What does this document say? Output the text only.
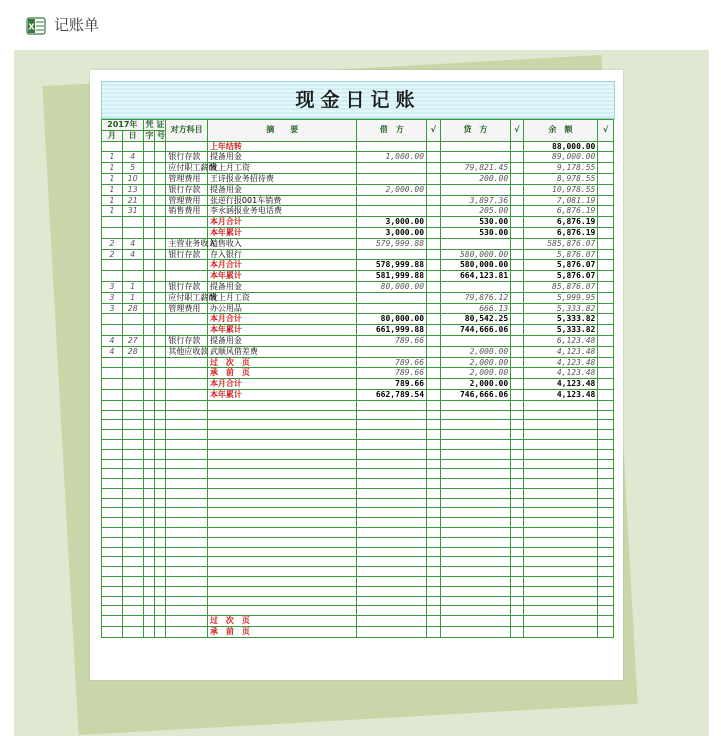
X 记账单
现金日记账
2017年		凭 证		对方科目	摘　　要	借　方	√	贷　方	√	余　额	√
月	日	字	号								
					上年结转					88,000.00	
1	4			银行存款	提备用金	1,000.00				89,000.00	
1	5			应付职工薪酬	发上月工资			79,821.45		9,178.55	
1	10			管理费用	王诗报业务招待费			200.00		8,978.55	
1	13			银行存款	提备用金	2,000.00				10,978.55	
1	21			管理费用	张逆行报001车销费			3,897.36		7,081.19	
1	31			销售费用	李永涵报业务电话费			205.00		6,876.19	
					本月合计	3,000.00		530.00		6,876.19	
					本年累计	3,000.00		530.00		6,876.19	
2	4			主营业务收入	销售收入	579,999.88				585,876.07	
2	4			银行存款	存入银行			580,000.00		5,876.07	
					本月合计	578,999.88		580,000.00		5,876.07	
					本年累计	581,999.88		664,123.81		5,876.07	
3	1			银行存款	提备用金	80,000.00				85,876.07	
3	1			应付职工薪酬	发上月工资			79,876.12		5,999.95	
3	28			管理费用	办公用品			666.13		5,333.82	
					本月合计	80,000.00		80,542.25		5,333.82	
					本年累计	661,999.88		744,666.06		5,333.82	
4	27			银行存款	提备用金	789.66				6,123.48	
4	28			其他应收款	武顺风借差费			2,000.00		4,123.48	
					过　次　页	789.66		2,000.00		4,123.48	
					承　前　页	789.66		2,000.00		4,123.48	
					本月合计	789.66		2,000.00		4,123.48	
					本年累计	662,789.54		746,666.06		4,123.48	

					过　次　页						
					承　前　页						
